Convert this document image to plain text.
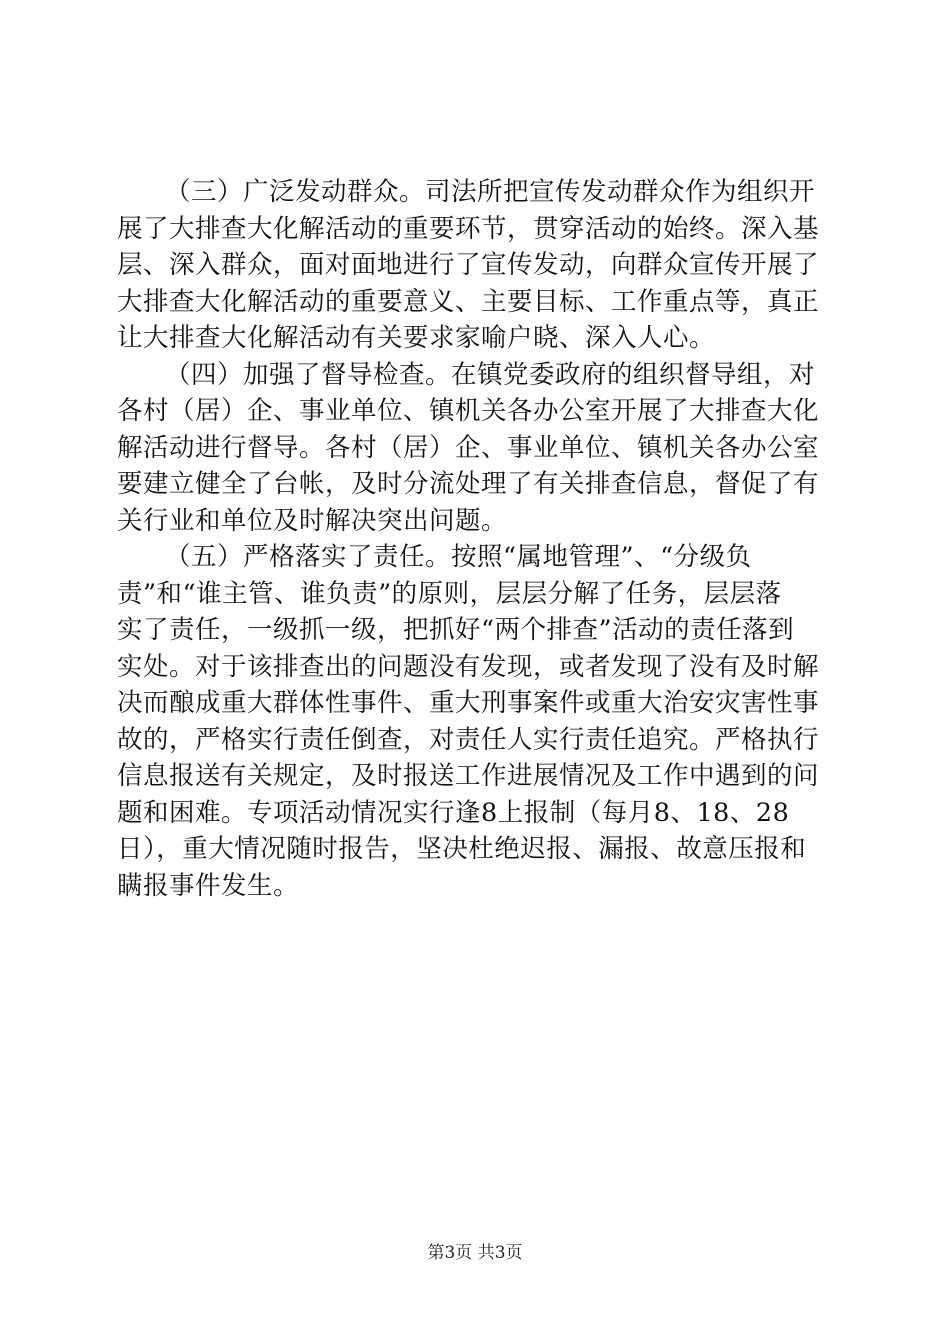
（三）广泛发动群众。司法所把宣传发动群众作为组织开
展了大排查大化解活动的重要环节，贯穿活动的始终。深入基
层、深入群众，面对面地进行了宣传发动，向群众宣传开展了
大排查大化解活动的重要意义、主要目标、工作重点等，真正
让大排查大化解活动有关要求家喻户晓、深入人心。
（四）加强了督导检查。在镇党委政府的组织督导组，对
各村（居）企、事业单位、镇机关各办公室开展了大排查大化
解活动进行督导。各村（居）企、事业单位、镇机关各办公室
要建立健全了台帐，及时分流处理了有关排查信息，督促了有
关行业和单位及时解决突出问题。
（五）严格落实了责任。按照“属地管理”、“分级负
责”和“谁主管、谁负责”的原则，层层分解了任务，层层落
实了责任，一级抓一级，把抓好“两个排查”活动的责任落到
实处。对于该排查出的问题没有发现，或者发现了没有及时解
决而酿成重大群体性事件、重大刑事案件或重大治安灾害性事
故的，严格实行责任倒查，对责任人实行责任追究。严格执行
信息报送有关规定，及时报送工作进展情况及工作中遇到的问
题和困难。专项活动情况实行逢8上报制（每月8、18、28
日），重大情况随时报告，坚决杜绝迟报、漏报、故意压报和
瞒报事件发生。
第3页 共3页
